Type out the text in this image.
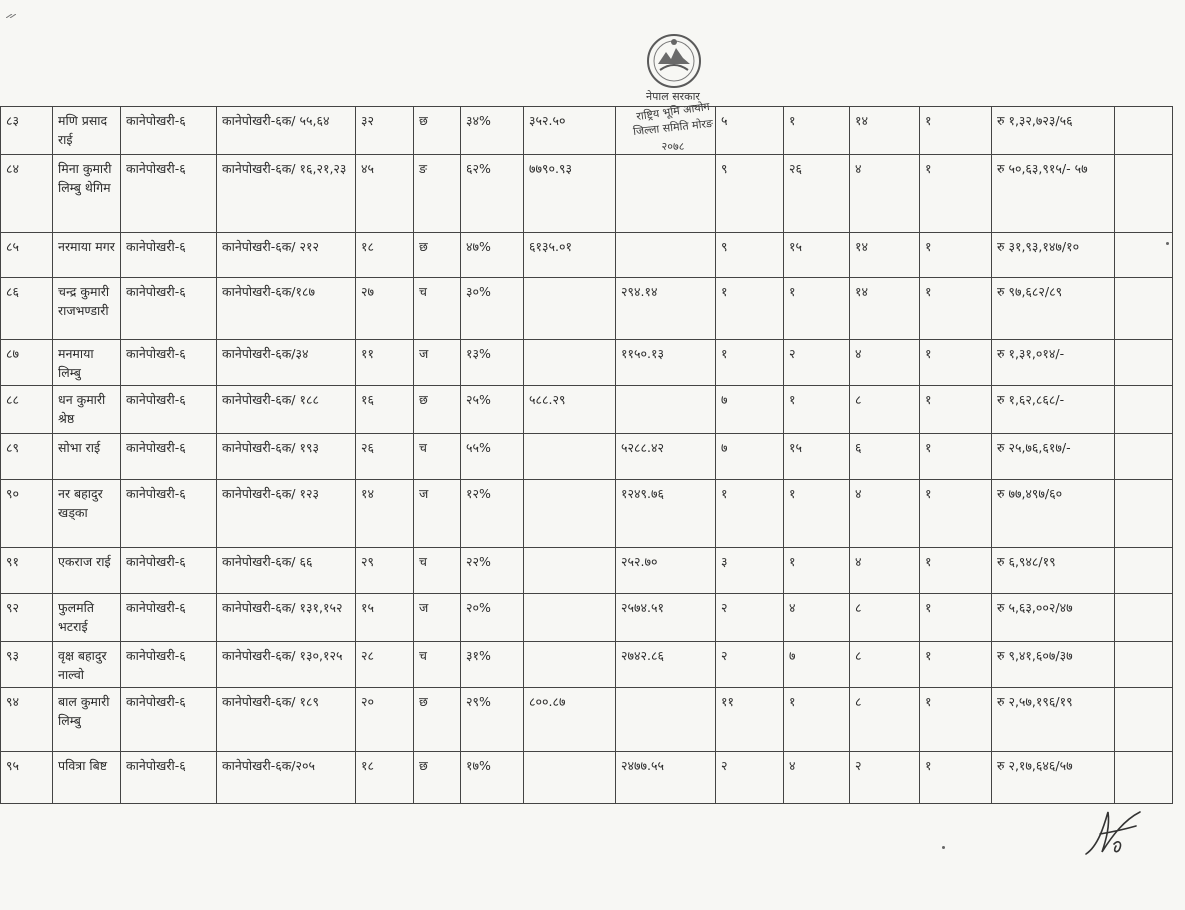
नेपाल सरकार
राष्ट्रिय भूमि आयोग
जिल्ला समिति मोरङ
२०७८
८३	मणि प्रसाद राई	कानेपोखरी-६	कानेपोखरी-६क/ ५५,६४	३२	छ	३४%	३५२.५०		५	१	१४	१	रु १,३२,७२३/५६	
८४	मिना कुमारी लिम्बु थेगिम	कानेपोखरी-६	कानेपोखरी-६क/ १६,२१,२३	४५	ङ	६२%	७७९०.९३		९	२६	४	१	रु ५०,६३,९१५/- ५७	
८५	नरमाया मगर	कानेपोखरी-६	कानेपोखरी-६क/ २१२	१८	छ	४७%	६१३५.०१		९	१५	१४	१	रु ३१,९३,१४७/१०	
८६	चन्द्र कुमारी राजभण्डारी	कानेपोखरी-६	कानेपोखरी-६क/१८७	२७	च	३०%		२९४.१४	१	१	१४	१	रु ९७,६८२/८९	
८७	मनमाया लिम्बु	कानेपोखरी-६	कानेपोखरी-६क/३४	११	ज	१३%		११५०.१३	१	२	४	१	रु १,३१,०१४/-	
८८	धन कुमारी श्रेष्ठ	कानेपोखरी-६	कानेपोखरी-६क/ १८८	१६	छ	२५%	५८८.२९		७	१	८	१	रु १,६२,८६८/-	
८९	सोभा राई	कानेपोखरी-६	कानेपोखरी-६क/ १९३	२६	च	५५%		५२८८.४२	७	१५	६	१	रु २५,७६,६१७/-	
९०	नर बहादुर खड्का	कानेपोखरी-६	कानेपोखरी-६क/ १२३	१४	ज	१२%		१२४९.७६	१	१	४	१	रु ७७,४९७/६०	
९१	एकराज राई	कानेपोखरी-६	कानेपोखरी-६क/ ६६	२९	च	२२%		२५२.७०	३	१	४	१	रु ६,९४८/१९	
९२	फुलमति भटराई	कानेपोखरी-६	कानेपोखरी-६क/ १३१,१५२	१५	ज	२०%		२५७४.५१	२	४	८	१	रु ५,६३,००२/४७	
९३	वृक्ष बहादुर नाल्वो	कानेपोखरी-६	कानेपोखरी-६क/ १३०,१२५	२८	च	३१%		२७४२.८६	२	७	८	१	रु ९,४१,६०७/३७	
९४	बाल कुमारी लिम्बु	कानेपोखरी-६	कानेपोखरी-६क/ १८९	२०	छ	२९%	८००.८७		११	१	८	१	रु २,५७,१९६/१९	
९५	पवित्रा बिष्ट	कानेपोखरी-६	कानेपोखरी-६क/२०५	१८	छ	१७%		२४७७.५५	२	४	२	१	रु २,१७,६४६/५७	
